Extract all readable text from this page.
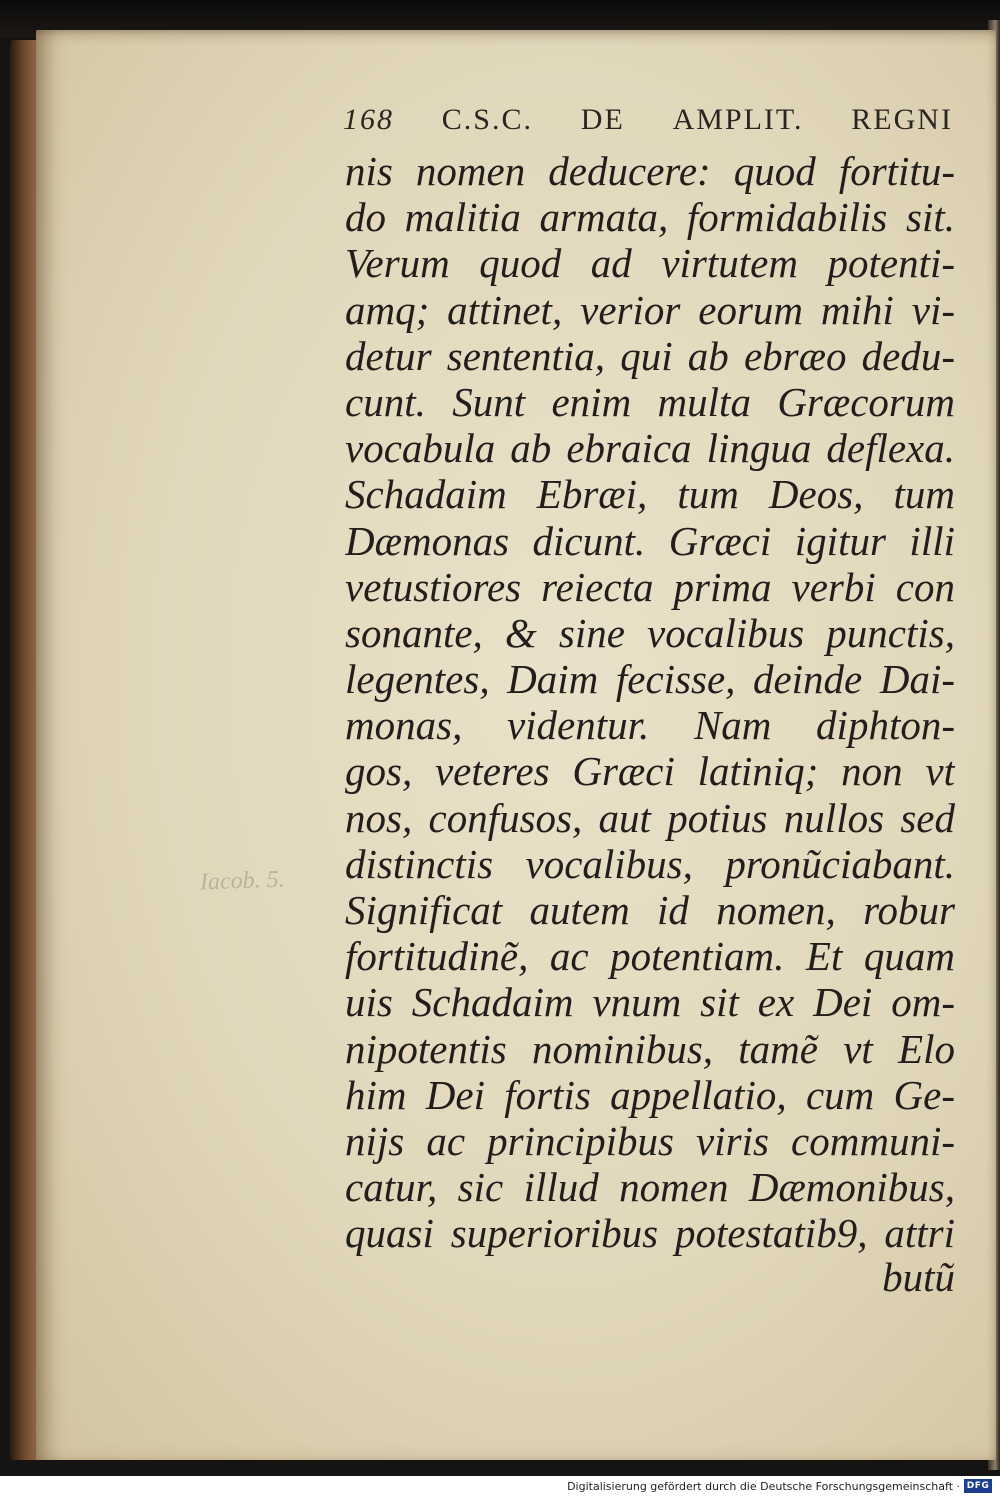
168 C.S.C. DE AMPLIT. REGNI
Iacob. 5.
nis nomen deducere: quod fortitu-
do malitia armata, formidabilis sit.
Verum quod ad virtutem potenti-
amq; attinet, verior eorum mihi vi-
detur sententia, qui ab ebræo dedu-
cunt. Sunt enim multa Græcorum
vocabula ab ebraica lingua deflexa.
Schadaim Ebræi, tum Deos, tum
Dæmonas dicunt. Græci igitur illi
vetustiores reiecta prima verbi con
sonante, & sine vocalibus punctis,
legentes, Daim fecisse, deinde Dai-
monas, videntur. Nam diphton-
gos, veteres Græci latiniq; non vt
nos, confusos, aut potius nullos sed
distinctis vocalibus, pronũciabant.
Significat autem id nomen, robur
fortitudinẽ, ac potentiam. Et quam
uis Schadaim vnum sit ex Dei om-
nipotentis nominibus, tamẽ vt Elo
him Dei fortis appellatio, cum Ge-
nijs ac principibus viris communi-
catur, sic illud nomen Dæmonibus,
quasi superioribus potestatib9, attri
butũ
Digitalisierung gefördert durch die Deutsche Forschungsgemeinschaft · DFG
